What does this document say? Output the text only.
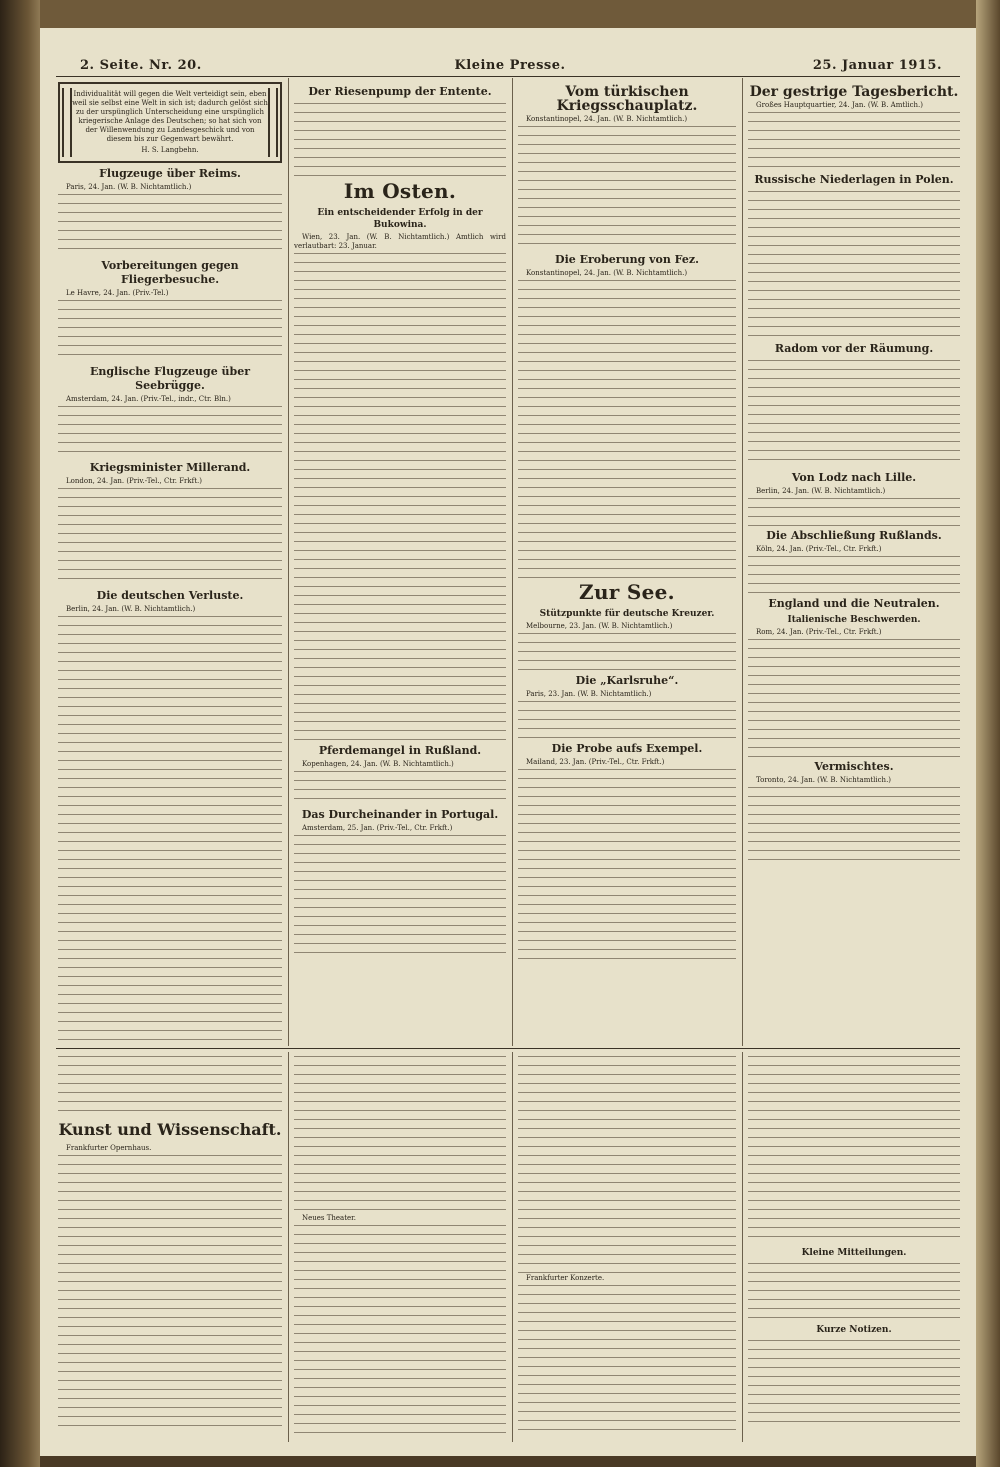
2. Seite. Nr. 20.	Kleine Presse.	25. Januar 1915.
Individualität will gegen die Welt verteidigt sein, eben weil sie selbst eine Welt in sich ist; dadurch gelöst sich zu der urspünglich Unterscheidung eine urspünglich kriegerische Anlage des Deutschen; so hat sich von der Willenwendung zu Landesgeschick und von diesem bis zur Gegenwart bewährt.
H. S. Langbehn.
Flugzeuge über Reims.

Paris, 24. Jan. (W. B. Nichtamtlich.)

Vorbereitungen gegen Fliegerbesuche.

Le Havre, 24. Jan. (Priv.-Tel.)

Englische Flugzeuge über Seebrügge.

Amsterdam, 24. Jan. (Priv.-Tel., indr., Ctr. Bln.)

Kriegsminister Millerand.

London, 24. Jan. (Priv.-Tel., Ctr. Frkft.)

Die deutschen Verluste.

Berlin, 24. Jan. (W. B. Nichtamtlich.)

Der Riesenpump der Entente.
Im Osten.
Ein entscheidender Erfolg in der Bukowina.

Wien, 23. Jan. (W. B. Nichtamtlich.) Amtlich wird verlautbart: 23. Januar.

Pferdemangel in Rußland.

Kopenhagen, 24. Jan. (W. B. Nichtamtlich.)

Das Durcheinander in Portugal.

Amsterdam, 25. Jan. (Priv.-Tel., Ctr. Frkft.)

Vom türkischen Kriegsschauplatz.

Konstantinopel, 24. Jan. (W. B. Nichtamtlich.)

Die Eroberung von Fez.

Konstantinopel, 24. Jan. (W. B. Nichtamtlich.)

Zur See.
Stützpunkte für deutsche Kreuzer.

Melbourne, 23. Jan. (W. B. Nichtamtlich.)

Die „Karlsruhe“.

Paris, 23. Jan. (W. B. Nichtamtlich.)

Die Probe aufs Exempel.

Mailand, 23. Jan. (Priv.-Tel., Ctr. Frkft.)

Der gestrige Tagesbericht.

Großes Hauptquartier, 24. Jan. (W. B. Amtlich.)

Russische Niederlagen in Polen.
Radom vor der Räumung.
Von Lodz nach Lille.

Berlin, 24. Jan. (W. B. Nichtamtlich.)

Die Abschließung Rußlands.

Köln, 24. Jan. (Priv.-Tel., Ctr. Frkft.)

England und die Neutralen.
Italienische Beschwerden.

Rom, 24. Jan. (Priv.-Tel., Ctr. Frkft.)

Vermischtes.

Toronto, 24. Jan. (W. B. Nichtamtlich.)

Kunst und Wissenschaft.

Frankfurter Opernhaus.

Neues Theater.

Frankfurter Konzerte.

Kleine Mitteilungen.
Kurze Notizen.
